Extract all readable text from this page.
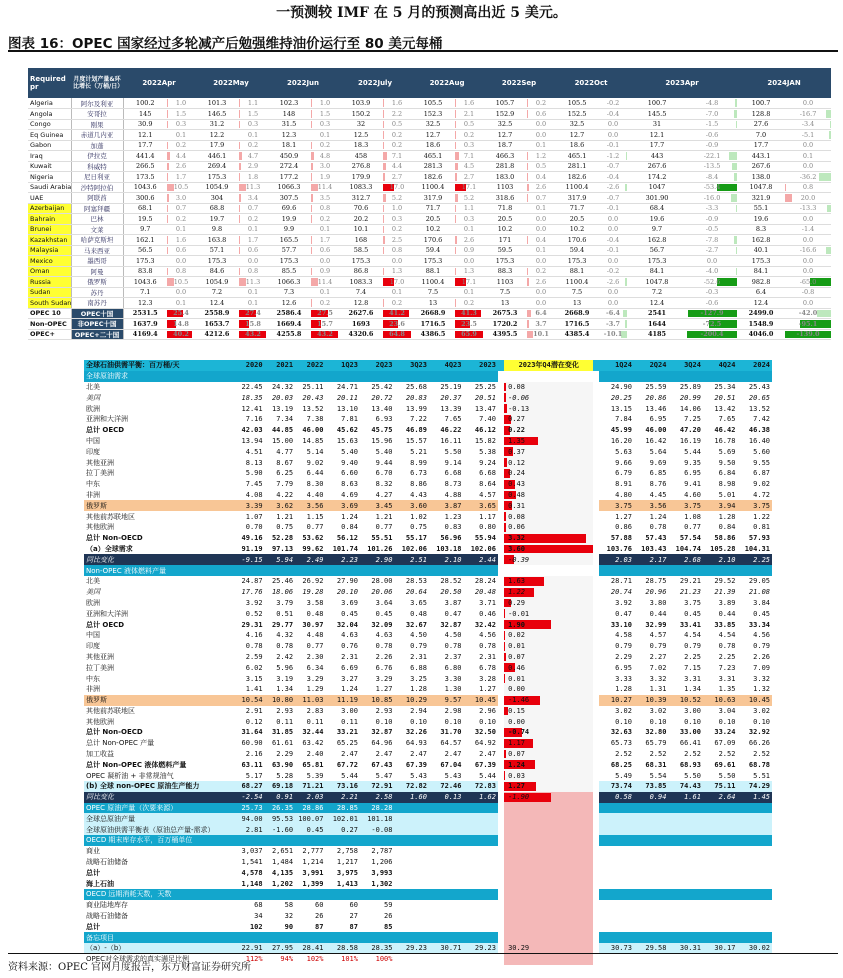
一预测较 IMF 在 5 月的预测高出近 5 美元。
图表 16：OPEC 国家经过多轮减产后勉强维持油价运行至 80 美元每桶
Required pr	月度计划产量&环比增长（万桶/日）	2022Apr		2022May		2022Jun		2022July		2022Aug		2022Sep		2022Oct		2023Apr		2024JAN	
Algeria	阿尔及利亚	100.2	1.0	101.3	1.1	102.3	1.0	103.9	1.6	105.5	1.6	105.7	0.2	105.5	-0.2	100.7	-4.8	100.7	0.0
Angola	安哥拉	145	1.5	146.5	1.5	148	1.5	150.2	2.2	152.3	2.1	152.9	0.6	152.5	-0.4	145.5	-7.0	128.8	-16.7
Congo	刚果	30.9	0.3	31.2	0.3	31.5	0.3	32	0.5	32.5	0.5	32.5	0.0	32.5	0.0	31	-1.5	27.6	-3.4
Eq Guinea	赤道几内亚	12.1	0.1	12.2	0.1	12.3	0.1	12.5	0.2	12.7	0.2	12.7	0.0	12.7	0.0	12.1	-0.6	7.0	-5.1
Gabon	加蓬	17.7	0.2	17.9	0.2	18.1	0.2	18.3	0.2	18.6	0.3	18.7	0.1	18.6	-0.1	17.7	-0.9	17.7	0.0
Iraq	伊拉克	441.4	4.4	446.1	4.7	450.9	4.8	458	7.1	465.1	7.1	466.3	1.2	465.1	-1.2	443	-22.1	443.1	0.1
Kuwait	科威特	266.5	2.6	269.4	2.9	272.4	3.0	276.8	4.4	281.3	4.5	281.8	0.5	281.1	-0.7	267.6	-13.5	267.6	0.0
Nigeria	尼日利亚	173.5	1.7	175.3	1.8	177.2	1.9	179.9	2.7	182.6	2.7	183.0	0.4	182.6	-0.4	174.2	-8.4	138.0	-36.2
Saudi Arabia	沙特阿拉伯	1043.6	10.5	1054.9	11.3	1066.3	11.4	1083.3	17.0	1100.4	17.1	1103	2.6	1100.4	-2.6	1047	-53.4	1047.8	0.8
UAE	阿联酋	300.6	3.0	304	3.4	307.5	3.5	312.7	5.2	317.9	5.2	318.6	0.7	317.9	-0.7	301.90	-16.0	321.9	20.0
Azerbaijan	阿塞拜疆	68.1	0.7	68.8	0.7	69.6	0.8	70.6	1.0	71.7	1.1	71.8	0.1	71.7	-0.1	68.4	-3.3	55.1	-13.3
Bahrain	巴林	19.5	0.2	19.7	0.2	19.9	0.2	20.2	0.3	20.5	0.3	20.5	0.0	20.5	0.0	19.6	-0.9	19.6	0.0
Brunei	文莱	9.7	0.1	9.8	0.1	9.9	0.1	10.1	0.2	10.2	0.1	10.2	0.0	10.2	0.0	9.7	-0.5	8.3	-1.4
Kazakhstan	哈萨克斯坦	162.1	1.6	163.8	1.7	165.5	1.7	168	2.5	170.6	2.6	171	0.4	170.6	-0.4	162.8	-7.8	162.8	0.0
Malaysia	马来西亚	56.5	0.6	57.1	0.6	57.7	0.6	58.5	0.8	59.4	0.9	59.5	0.1	59.4	-0.1	56.7	-2.7	40.1	-16.6
Mexico	墨西哥	175.3	0.0	175.3	0.0	175.3	0.0	175.3	0.0	175.3	0.0	175.3	0.0	175.3	0.0	175.3	0.0	175.3	0.0
Oman	阿曼	83.8	0.8	84.6	0.8	85.5	0.9	86.8	1.3	88.1	1.3	88.3	0.2	88.1	-0.2	84.1	-4.0	84.1	0.0
Russia	俄罗斯	1043.6	10.5	1054.9	11.3	1066.3	11.4	1083.3	17.0	1100.4	17.1	1103	2.6	1100.4	-2.6	1047.8	-52.6	982.8	-65.0
Sudan	苏丹	7.1	0.0	7.2	0.1	7.3	0.1	7.4	0.1	7.5	0.1	7.5	0.0	7.5	0.0	7.2	-0.3	6.4	-0.8
South Sudan	南苏丹	12.3	0.1	12.4	0.1	12.6	0.2	12.8	0.2	13	0.2	13	0.0	13	0.0	12.4	-0.6	12.4	0.0
OPEC 10	OPEC十国	2531.5	25.4	2558.9	27.4	2586.4	27.5	2627.6	41.2	2668.9	41.3	2675.3	6.4	2668.9	-6.4	2541	-127.9	2499.0	-42.0
Non-OPEC	非OPEC十国	1637.9	14.8	1653.7	15.8	1669.4	15.7	1693	23.6	1716.5	23.5	1720.2	3.7	1716.5	-3.7	1644	-72.5	1548.9	-95.1
OPEC+	OPEC+二十国	4169.4	40.2	4212.6	43.2	4255.8	43.2	4320.6	64.8	4386.5	65.9	4395.5	10.1	4385.4	-10.1	4185	-200.4	4046.0	-139.0
全球石油供需平衡：百万桶/天	2020	2021	2022	1Q23	2Q23	3Q23	4Q23	2023		2023年Q4潜在变化		1Q24	2Q24	3Q24	4Q24	2024
全球原油需求																
北美	22.45	24.32	25.11	24.71	25.42	25.68	25.19	25.25		0.08		24.90	25.59	25.89	25.34	25.43
美国	18.35	20.03	20.43	20.11	20.72	20.83	20.37	20.51		-0.06		20.25	20.86	20.99	20.51	20.65
欧洲	12.41	13.19	13.52	13.10	13.40	13.99	13.39	13.47		-0.13		13.15	13.46	14.06	13.42	13.52
亚洲和大洋洲	7.16	7.34	7.38	7.81	6.93	7.22	7.65	7.40		0.27		7.84	6.95	7.25	7.65	7.42
总计 OECD	42.03	44.85	46.00	45.62	45.75	46.89	46.22	46.12		0.22		45.99	46.00	47.20	46.42	46.38
中国	13.94	15.00	14.85	15.63	15.96	15.57	16.11	15.82		1.35		16.20	16.42	16.19	16.78	16.40
印度	4.51	4.77	5.14	5.40	5.40	5.21	5.50	5.38		0.37		5.63	5.64	5.44	5.69	5.60
其他亚洲	8.13	8.67	9.02	9.40	9.44	8.99	9.14	9.24		0.12		9.66	9.69	9.35	9.50	9.55
拉丁美洲	5.90	6.25	6.44	6.60	6.70	6.73	6.68	6.68		0.24		6.79	6.85	6.95	6.84	6.87
中东	7.45	7.79	8.30	8.63	8.32	8.86	8.73	8.64		0.43		8.91	8.76	9.41	8.98	9.02
非洲	4.08	4.22	4.40	4.69	4.27	4.43	4.88	4.57		0.48		4.80	4.45	4.60	5.01	4.72
俄罗斯	3.39	3.62	3.56	3.69	3.45	3.60	3.87	3.65		0.31		3.75	3.56	3.75	3.94	3.75
其他前苏联地区	1.07	1.21	1.15	1.24	1.21	1.02	1.23	1.17		0.08		1.27	1.24	1.08	1.28	1.22
其他欧洲	0.70	0.75	0.77	0.84	0.77	0.75	0.83	0.80		0.06		0.86	0.78	0.77	0.84	0.81
总计 Non-OECD	49.16	52.28	53.62	56.12	55.51	55.17	56.96	55.94		3.32		57.88	57.43	57.54	58.86	57.93
（a）全球需求	91.19	97.13	99.62	101.74	101.26	102.06	103.18	102.06		3.60		103.76	103.43	104.74	105.28	104.31
同比变化	-9.15	5.94	2.49	2.23	2.90	2.51	2.10	2.44		-0.39		2.03	2.17	2.68	2.10	2.25
Non-OPEC 液体燃料产量																
北美	24.87	25.46	26.92	27.90	28.00	28.53	28.52	28.24		1.63		28.71	28.75	29.21	29.52	29.05
美国	17.76	18.06	19.28	20.10	20.06	20.64	20.50	20.48		1.22		20.74	20.96	21.23	21.39	21.08
欧洲	3.92	3.79	3.58	3.69	3.64	3.65	3.87	3.71		0.29		3.92	3.80	3.75	3.89	3.84
亚洲和大洋洲	0.52	0.51	0.48	0.45	0.45	0.48	0.47	0.46		-0.01		0.47	0.44	0.45	0.44	0.45
总计 OECD	29.31	29.77	30.97	32.04	32.09	32.67	32.87	32.42		1.90		33.10	32.99	33.41	33.85	33.34
中国	4.16	4.32	4.48	4.63	4.63	4.50	4.50	4.56		0.02		4.58	4.57	4.54	4.54	4.56
印度	0.78	0.78	0.77	0.76	0.78	0.79	0.78	0.78		0.01		0.79	0.79	0.79	0.78	0.79
其他亚洲	2.59	2.42	2.30	2.31	2.26	2.31	2.37	2.31		0.07		2.29	2.27	2.25	2.25	2.26
拉丁美洲	6.02	5.96	6.34	6.69	6.76	6.88	6.80	6.78		0.46		6.95	7.02	7.15	7.23	7.09
中东	3.15	3.19	3.29	3.27	3.29	3.25	3.30	3.28		0.01		3.33	3.32	3.31	3.31	3.32
非洲	1.41	1.34	1.29	1.24	1.27	1.28	1.30	1.27		0.00		1.28	1.31	1.34	1.35	1.32
俄罗斯	10.54	10.80	11.03	11.19	10.85	10.29	9.57	10.45		-1.46		10.27	10.39	10.52	10.63	10.45
其他前苏联地区	2.91	2.93	2.83	3.00	2.93	2.94	2.98	2.96		0.15		3.02	3.02	3.00	3.04	3.02
其他欧洲	0.12	0.11	0.11	0.11	0.10	0.10	0.10	0.10		0.00		0.10	0.10	0.10	0.10	0.10
总计 Non-OECD	31.64	31.85	32.44	33.21	32.87	32.26	31.70	32.50		-0.74		32.63	32.80	33.00	33.24	32.92
总计 Non-OPEC 产量	60.90	61.61	63.42	65.25	64.96	64.93	64.57	64.92		1.17		65.73	65.79	66.41	67.09	66.26
加工收益	2.16	2.29	2.40	2.47	2.47	2.47	2.47	2.47		0.07		2.52	2.52	2.52	2.52	2.52
总计 Non-OPEC 液体燃料产量	63.11	63.90	65.81	67.72	67.43	67.39	67.04	67.39		1.24		68.25	68.31	68.93	69.61	68.78
OPEC 凝析油 + 非常规油气	5.17	5.28	5.39	5.44	5.47	5.43	5.43	5.44		0.03		5.49	5.54	5.50	5.50	5.51
(b) 全球 non-OPEC 原油生产能力	68.27	69.18	71.21	73.16	72.91	72.82	72.46	72.83		1.27		73.74	73.85	74.43	75.11	74.29
同比变化	-2.54	0.91	2.03	2.21	2.58	1.60	0.13	1.62		-1.90		0.58	0.94	1.61	2.64	1.45
OPEC 原油产量（次要来源）	25.73	26.35	28.86	28.85	28.28											
全球总原油产量	94.00	95.53	100.07	102.01	101.18											
全球原油供需平衡表（原油总产量-需求）	2.81	-1.60	0.45	0.27	-0.08											
OECD 期末库存水平，百万桶单位																
商业	3,037	2,651	2,777	2,758	2,787											
战略石油储备	1,541	1,484	1,214	1,217	1,206											
总计	4,578	4,135	3,991	3,975	3,993											
海上石油	1,148	1,202	1,399	1,413	1,302											
OECD 远期消耗天数，天数																
商业陆地库存	68	58	60	60	59											
战略石油储备	34	32	26	27	26											
总计	102	90	87	87	85											
备忘项目																
（a）-（b）	22.91	27.95	28.41	28.58	28.35	29.23	30.71	29.23		30.29		30.73	29.58	30.31	30.17	30.02
OPEC对全球需求的真实满足比例	112%	94%	102%	101%	100%											
资料来源：OPEC 官网月度报告，东方财富证券研究所
